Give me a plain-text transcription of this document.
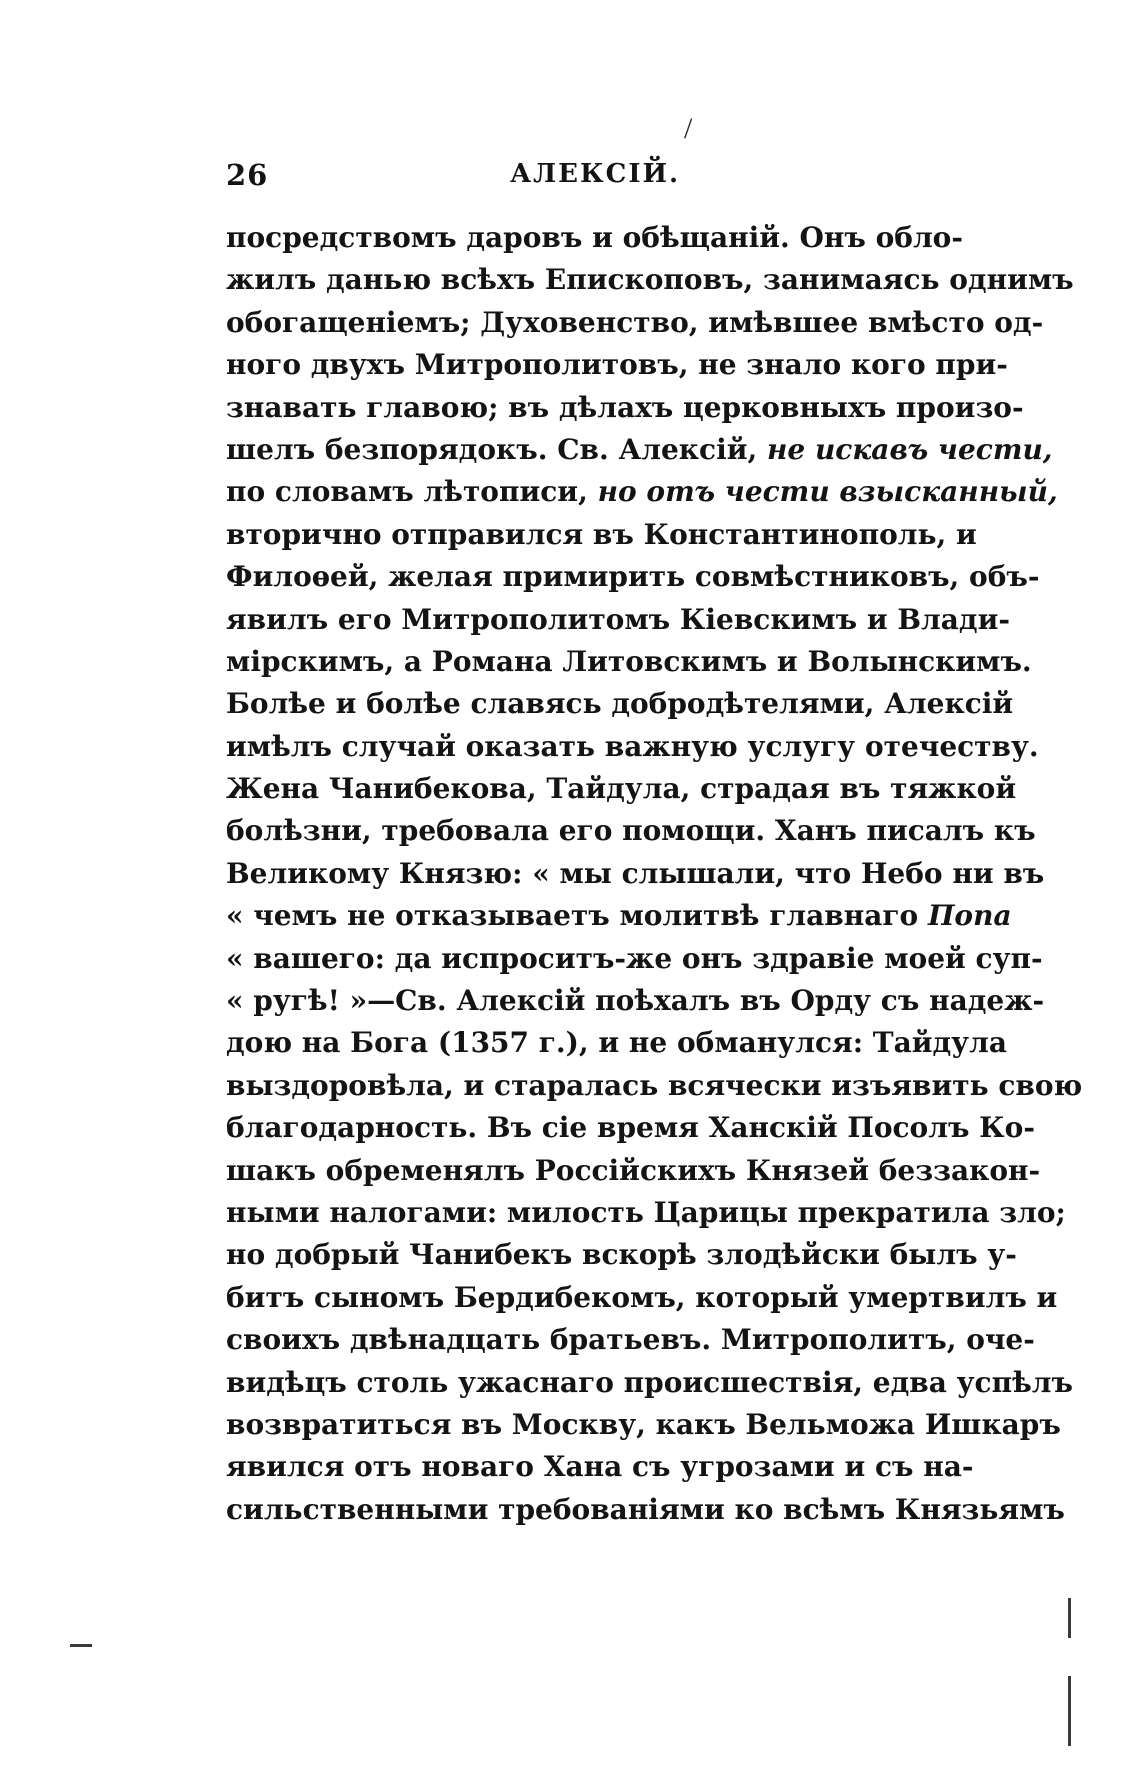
/
26	АЛЕКСІЙ.
посредствомъ даровъ и обѣщаній. Онъ обло-
жилъ данью всѣхъ Епископовъ, занимаясь однимъ
обогащеніемъ; Духовенство, имѣвшее вмѣсто од-
ного двухъ Митрополитовъ, не знало кого при-
знавать главою; въ дѣлахъ церковныхъ произо-
шелъ безпорядокъ. Св. Алексій, не искавъ чести,
по словамъ лѣтописи, но отъ чести взысканный,
вторично отправился въ Константинополь, и
Филоѳей, желая примирить совмѣстниковъ, объ-
явилъ его Митрополитомъ Кіевскимъ и Влади-
мірскимъ, а Романа Литовскимъ и Волынскимъ.
Болѣе и болѣе славясь добродѣтелями, Алексій
имѣлъ случай оказать важную услугу отечеству.
Жена Чанибекова, Тайдула, страдая въ тяжкой
болѣзни, требовала его помощи. Ханъ писалъ къ
Великому Князю: « мы слышали, что Небо ни въ
« чемъ не отказываетъ молитвѣ главнаго Попа
« вашего: да испроситъ-же онъ здравіе моей суп-
« ругѣ! »—Св. Алексій поѣхалъ въ Орду съ надеж-
дою на Бога (1357 г.), и не обманулся: Тайдула
выздоровѣла, и старалась всячески изъявить свою
благодарность. Въ сіе время Ханскій Посолъ Ко-
шакъ обременялъ Россійскихъ Князей беззакон-
ными налогами: милость Царицы прекратила зло;
но добрый Чанибекъ вскорѣ злодѣйски былъ у-
битъ сыномъ Бердибекомъ, который умертвилъ и
своихъ двѣнадцать братьевъ. Митрополитъ, оче-
видѣцъ столь ужаснаго происшествія, едва успѣлъ
возвратиться въ Москву, какъ Вельможа Ишкаръ
явился отъ новаго Хана съ угрозами и съ на-
сильственными требованіями ко всѣмъ Князьямъ
